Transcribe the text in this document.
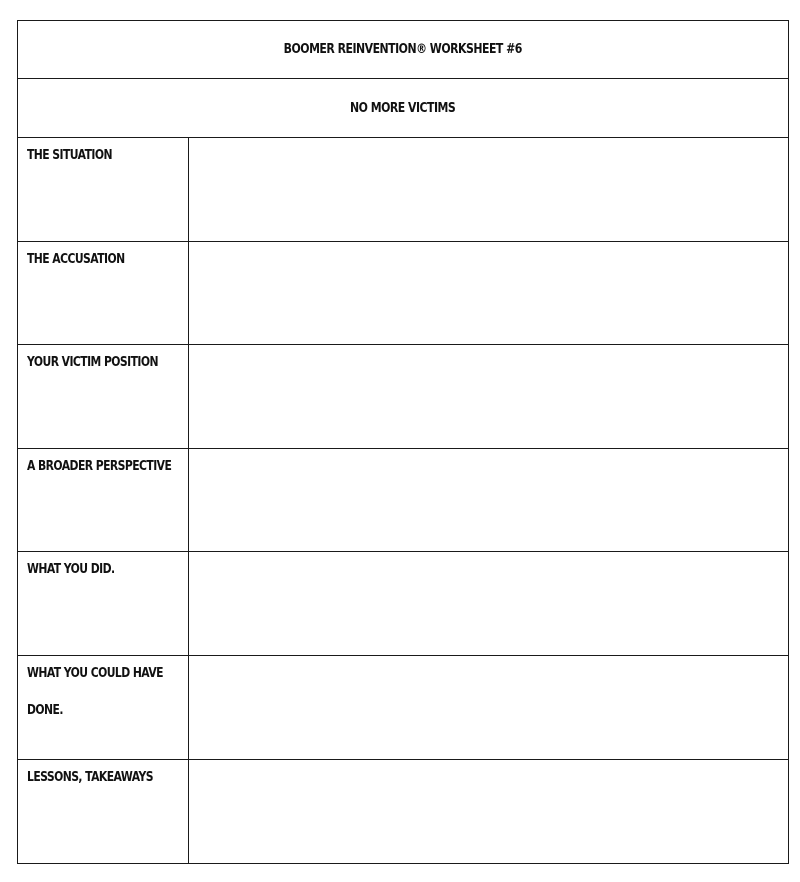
BOOMER REINVENTION® WORKSHEET #6
NO MORE VICTIMS
THE SITUATION
THE ACCUSATION
YOUR VICTIM POSITION
A BROADER PERSPECTIVE
WHAT YOU DID.
WHAT YOU COULD HAVE DONE.
LESSONS, TAKEAWAYS
